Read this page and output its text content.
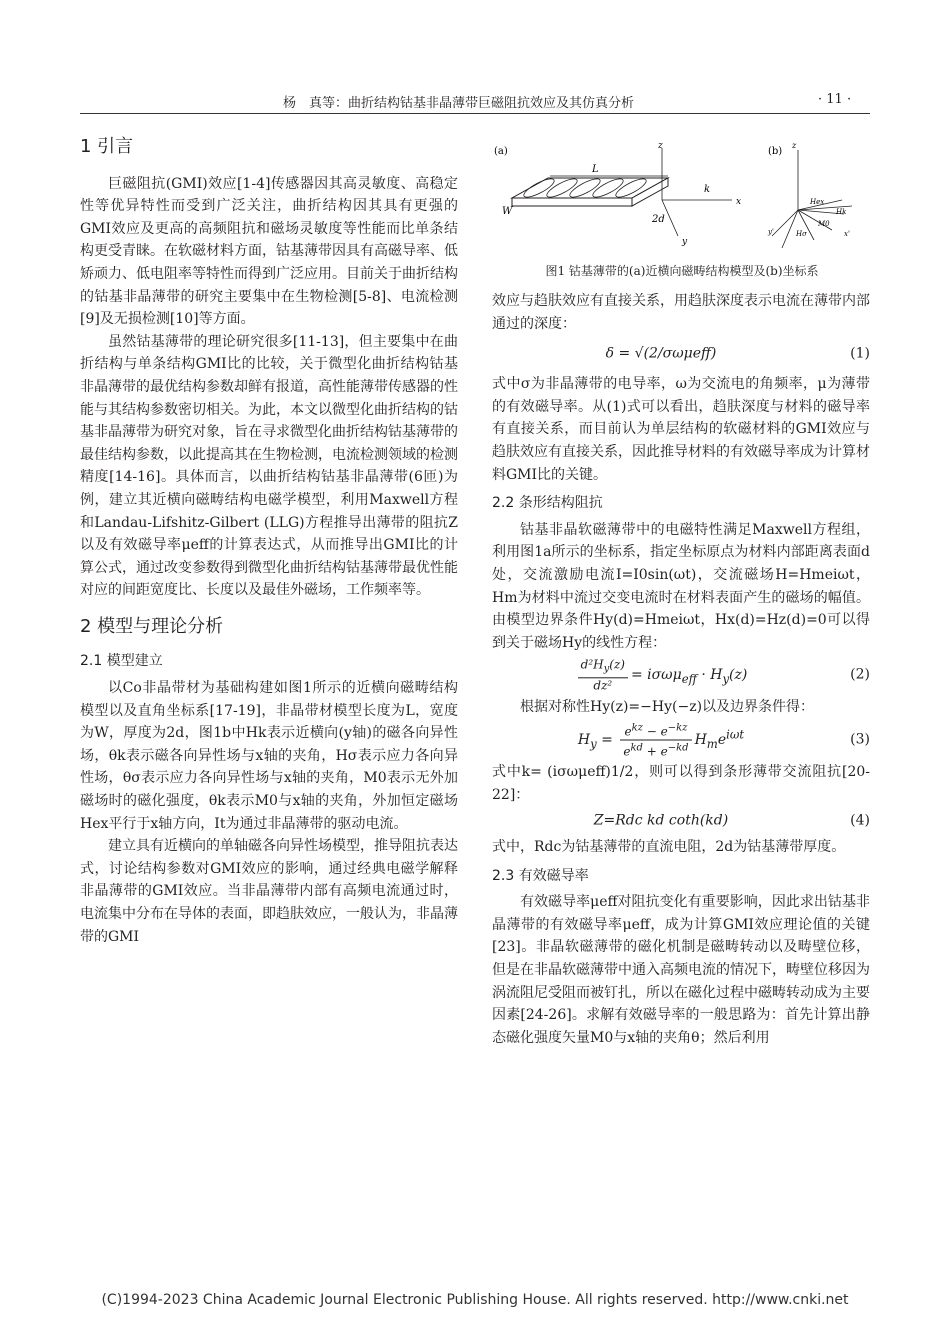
杨　真等：曲折结构钴基非晶薄带巨磁阻抗效应及其仿真分析	· 11 ·

1 引言

巨磁阻抗(GMI)效应[1-4]传感器因其高灵敏度、高稳定性等优异特性而受到广泛关注，曲折结构因其具有更强的GMI效应及更高的高频阻抗和磁场灵敏度等性能而比单条结构更受青睐。在软磁材料方面，钴基薄带因具有高磁导率、低矫顽力、低电阻率等特性而得到广泛应用。目前关于曲折结构的钴基非晶薄带的研究主要集中在生物检测[5-8]、电流检测[9]及无损检测[10]等方面。

虽然钴基薄带的理论研究很多[11-13]，但主要集中在曲折结构与单条结构GMI比的比较，关于微型化曲折结构钴基非晶薄带的最优结构参数却鲜有报道，高性能薄带传感器的性能与其结构参数密切相关。为此，本文以微型化曲折结构的钴基非晶薄带为研究对象，旨在寻求微型化曲折结构钴基薄带的最佳结构参数，以此提高其在生物检测，电流检测领域的检测精度[14-16]。具体而言，以曲折结构钴基非晶薄带(6匝)为例，建立其近横向磁畴结构电磁学模型，利用Maxwell方程和Landau-Lifshitz-Gilbert (LLG)方程推导出薄带的阻抗Z以及有效磁导率μeff的计算表达式，从而推导出GMI比的计算公式，通过改变参数得到微型化曲折结构钴基薄带最优性能对应的间距宽度比、长度以及最佳外磁场，工作频率等。

2 模型与理论分析

2.1 模型建立

以Co非晶带材为基础构建如图1所示的近横向磁畴结构模型以及直角坐标系[17-19]，非晶带材模型长度为L，宽度为W，厚度为2d，图1b中Hk表示近横向(y轴)的磁各向异性场，θk表示磁各向异性场与x轴的夹角，Hσ表示应力各向异性场，θσ表示应力各向异性场与x轴的夹角，M0表示无外加磁场时的磁化强度，θk表示M0与x轴的夹角，外加恒定磁场Hex平行于x轴方向，It为通过非晶薄带的驱动电流。

建立具有近横向的单轴磁各向异性场模型，推导阻抗表达式，讨论结构参数对GMI效应的影响，通过经典电磁学解释非晶薄带的GMI效应。当非晶薄带内部有高频电流通过时，电流集中分布在导体的表面，即趋肤效应，一般认为，非晶薄带的GMI

(a)	(b)
L
z
k
W
2d
y
x
z
Hex
Hk
Hσ
M0
y'	x'
图1 钴基薄带的(a)近横向磁畴结构模型及(b)坐标系

效应与趋肤效应有直接关系，用趋肤深度表示电流在薄带内部通过的深度：

δ = √(2/σωμeff)	(1)

式中σ为非晶薄带的电导率，ω为交流电的角频率，μ为薄带的有效磁导率。从(1)式可以看出，趋肤深度与材料的磁导率有直接关系，而目前认为单层结构的软磁材料的GMI效应与趋肤效应有直接关系，因此推导材料的有效磁导率成为计算材料GMI比的关键。

2.2 条形结构阻抗

钴基非晶软磁薄带中的电磁特性满足Maxwell方程组，利用图1a所示的坐标系，指定坐标原点为材料内部距离表面d处，交流激励电流I=I0sin(ωt)，交流磁场H=Hmeiωt，Hm为材料中流过交变电流时在材料表面产生的磁场的幅值。由模型边界条件Hy(d)=Hmeiωt，Hx(d)=Hz(d)=0可以得到关于磁场Hy的线性方程：

$\frac{d^2H_y(z)}{\text{dz²}} = i\sigma\omega\mu_{eff} \cdot H_y(z)$	(2)

根据对称性Hy(z)=−Hy(−z)以及边界条件得：

$H_y = \frac{e^{kz} - e^{-kz}}{e^{kd} + e^{-kd}} H_me^{i\omega t}$	(3)

式中k= (iσωμeff)1/2，则可以得到条形薄带交流阻抗[20-22]：

Z=Rdc kd coth(kd)	(4)

式中，Rdc为钴基薄带的直流电阻，2d为钴基薄带厚度。

2.3 有效磁导率

有效磁导率μeff对阻抗变化有重要影响，因此求出钴基非晶薄带的有效磁导率μeff，成为计算GMI效应理论值的关键[23]。非晶软磁薄带的磁化机制是磁畴转动以及畴壁位移，但是在非晶软磁薄带中通入高频电流的情况下，畴壁位移因为涡流阻尼受阻而被钉扎，所以在磁化过程中磁畴转动成为主要因素[24-26]。求解有效磁导率的一般思路为：首先计算出静态磁化强度矢量M0与x轴的夹角θ；然后利用

(C)1994-2023 China Academic Journal Electronic Publishing House. All rights reserved. http://www.cnki.net
